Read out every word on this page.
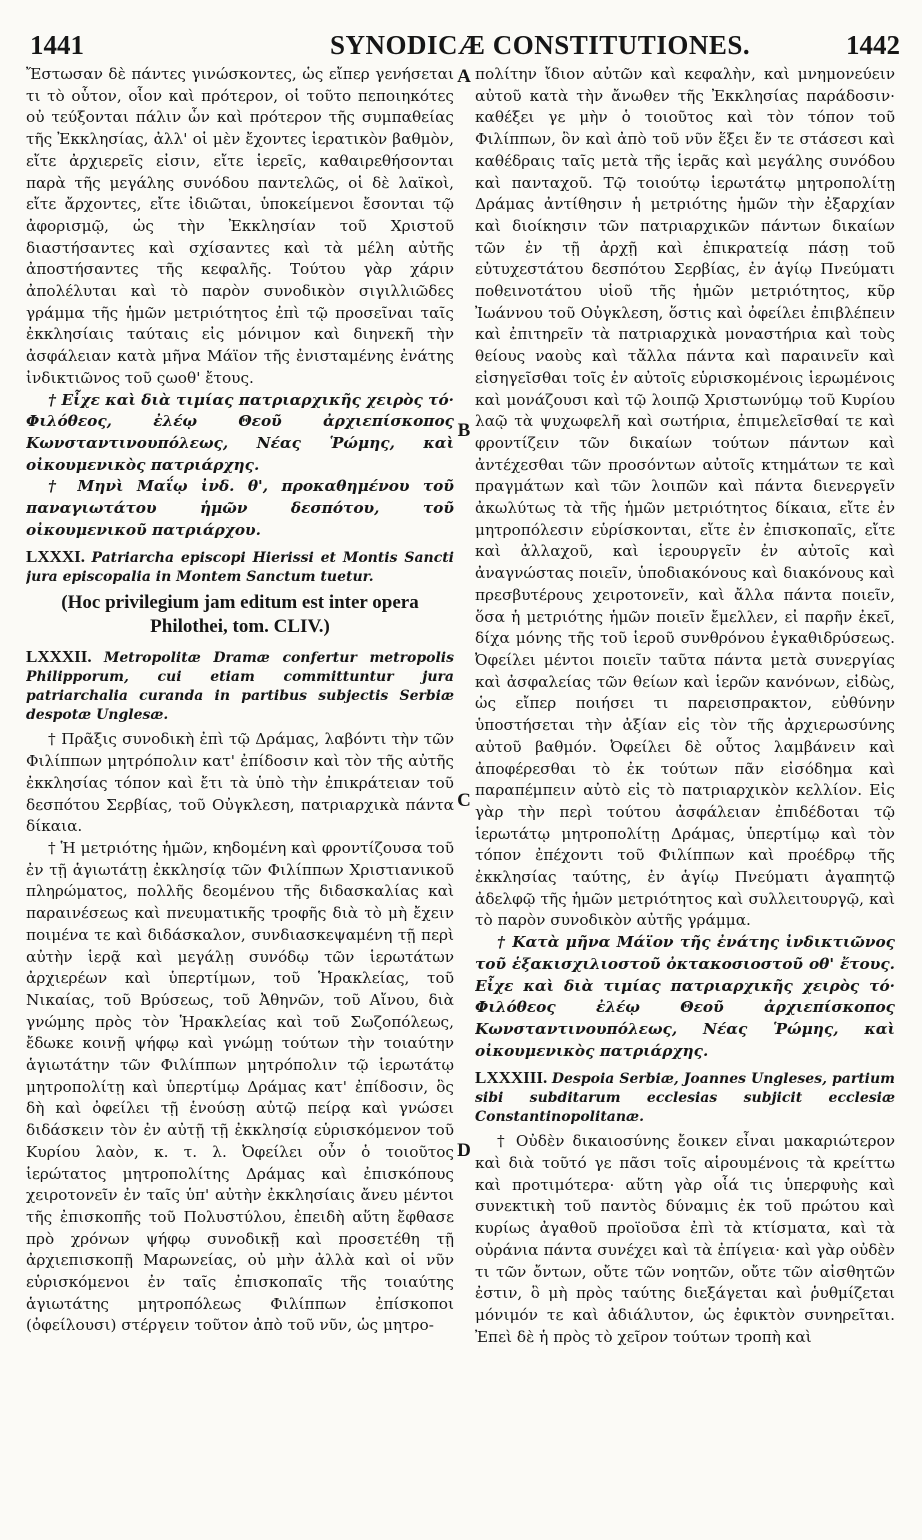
1441	SYNODICÆ CONSTITUTIONES.	1442
A
B
C
D

Ἔστωσαν δὲ πάντες γινώσκοντες, ὡς εἴπερ γενήσεται τι τὸ οὗτον, οἷον καὶ πρότερον, οἱ τοῦτο πεποιηκότες οὐ τεύξονται πάλιν ὧν καὶ πρότερον τῆς συμπαθείας τῆς Ἐκκλησίας, ἀλλ' οἱ μὲν ἔχοντες ἱερατικὸν βαθμὸν, εἴτε ἀρχιερεῖς εἰσιν, εἴτε ἱερεῖς, καθαιρεθήσονται παρὰ τῆς μεγάλης συνόδου παντελῶς, οἱ δὲ λαϊκοὶ, εἴτε ἄρχοντες, εἴτε ἰδιῶται, ὑποκείμενοι ἔσονται τῷ ἀφορισμῷ, ὡς τὴν Ἐκκλησίαν τοῦ Χριστοῦ διαστήσαντες καὶ σχίσαντες καὶ τὰ μέλη αὐτῆς ἀποστήσαντες τῆς κεφαλῆς. Τούτου γὰρ χάριν ἀπολέλυται καὶ τὸ παρὸν συνοδικὸν σιγιλλιῶδες γράμμα τῆς ἡμῶν μετριότητος ἐπὶ τῷ προσεῖναι ταῖς ἐκκλησίαις ταύταις εἰς μόνιμον καὶ διηνεκῆ τὴν ἀσφάλειαν κατὰ μῆνα Μάϊον τῆς ἐνισταμένης ἐνάτης ἰνδικτιῶνος τοῦ ςωοθ' ἔτους.

† Εἶχε καὶ διὰ τιμίας πατριαρχικῆς χειρὸς τό· Φιλόθεος, ἐλέῳ Θεοῦ ἀρχιεπίσκοπος Κωνσταντινουπόλεως, Νέας Ῥώμης, καὶ οἰκουμενικὸς πατριάρχης.

† Μηνὶ Μαΐῳ ἰνδ. θ', προκαθημένου τοῦ παναγιωτάτου ἡμῶν δεσπότου, τοῦ οἰκουμενικοῦ πατριάρχου.

LXXXI. Patriarcha episcopi Hierissi et Montis Sancti jura episcopalia in Montem Sanctum tuetur.

(Hoc privilegium jam editum est inter opera Philothei, tom. CLIV.)

LXXXII. Metropolitæ Dramæ confertur metropolis Philipporum, cui etiam committuntur jura patriarchalia curanda in partibus subjectis Serbiæ despotæ Unglesæ.

† Πρᾶξις συνοδικὴ ἐπὶ τῷ Δράμας, λαβόντι τὴν τῶν Φιλίππων μητρόπολιν κατ' ἐπίδοσιν καὶ τὸν τῆς αὐτῆς ἐκκλησίας τόπον καὶ ἔτι τὰ ὑπὸ τὴν ἐπικράτειαν τοῦ δεσπότου Σερβίας, τοῦ Οὐγκλεση, πατριαρχικὰ πάντα δίκαια.

† Ἡ μετριότης ἡμῶν, κηδομένη καὶ φροντίζουσα τοῦ ἐν τῇ ἁγιωτάτῃ ἐκκλησίᾳ τῶν Φιλίππων Χριστιανικοῦ πληρώματος, πολλῆς δεομένου τῆς διδασκαλίας καὶ παραινέσεως καὶ πνευματικῆς τροφῆς διὰ τὸ μὴ ἔχειν ποιμένα τε καὶ διδάσκαλον, συνδιασκεψαμένη τῇ περὶ αὐτὴν ἱερᾷ καὶ μεγάλῃ συνόδῳ τῶν ἱερωτάτων ἀρχιερέων καὶ ὑπερτίμων, τοῦ Ἡρακλείας, τοῦ Νικαίας, τοῦ Βρύσεως, τοῦ Ἀθηνῶν, τοῦ Αἴνου, διὰ γνώμης πρὸς τὸν Ἡρακλείας καὶ τοῦ Σωζοπόλεως, ἔδωκε κοινῇ ψήφῳ καὶ γνώμῃ τούτων τὴν τοιαύτην ἁγιωτάτην τῶν Φιλίππων μητρόπολιν τῷ ἱερωτάτῳ μητροπολίτῃ καὶ ὑπερτίμῳ Δράμας κατ' ἐπίδοσιν, ὃς δὴ καὶ ὀφείλει τῇ ἑνούσῃ αὐτῷ πείρᾳ καὶ γνώσει διδάσκειν τὸν ἐν αὐτῇ τῇ ἐκκλησίᾳ εὑρισκόμενον τοῦ Κυρίου λαὸν, κ. τ. λ. Ὀφείλει οὖν ὁ τοιοῦτος ἱερώτατος μητροπολίτης Δράμας καὶ ἐπισκόπους χειροτονεῖν ἐν ταῖς ὑπ' αὐτὴν ἐκκλησίαις ἄνευ μέντοι τῆς ἐπισκοπῆς τοῦ Πολυστύλου, ἐπειδὴ αὕτη ἔφθασε πρὸ χρόνων ψήφῳ συνοδικῇ καὶ προσετέθη τῇ ἀρχιεπισκοπῇ Μαρωνείας, οὐ μὴν ἀλλὰ καὶ οἱ νῦν εὑρισκόμενοι ἐν ταῖς ἐπισκοπαῖς τῆς τοιαύτης ἁγιωτάτης μητροπόλεως Φιλίππων ἐπίσκοποι (ὀφείλουσι) στέργειν τοῦτον ἀπὸ τοῦ νῦν, ὡς μητρο-

πολίτην ἴδιον αὐτῶν καὶ κεφαλὴν, καὶ μνημονεύειν αὐτοῦ κατὰ τὴν ἄνωθεν τῆς Ἐκκλησίας παράδοσιν· καθέξει γε μὴν ὁ τοιοῦτος καὶ τὸν τόπον τοῦ Φιλίππων, ὃν καὶ ἀπὸ τοῦ νῦν ἕξει ἔν τε στάσεσι καὶ καθέδραις ταῖς μετὰ τῆς ἱερᾶς καὶ μεγάλης συνόδου καὶ πανταχοῦ. Τῷ τοιούτῳ ἱερωτάτῳ μητροπολίτῃ Δράμας ἀντίθησιν ἡ μετριότης ἡμῶν τὴν ἐξαρχίαν καὶ διοίκησιν τῶν πατριαρχικῶν πάντων δικαίων τῶν ἐν τῇ ἀρχῇ καὶ ἐπικρατείᾳ πάσῃ τοῦ εὐτυχεστάτου δεσπότου Σερβίας, ἐν ἁγίῳ Πνεύματι ποθεινοτάτου υἱοῦ τῆς ἡμῶν μετριότητος, κῦρ Ἰωάννου τοῦ Οὐγκλεση, ὅστις καὶ ὀφείλει ἐπιβλέπειν καὶ ἐπιτηρεῖν τὰ πατριαρχικὰ μοναστήρια καὶ τοὺς θείους ναοὺς καὶ τἄλλα πάντα καὶ παραινεῖν καὶ εἰσηγεῖσθαι τοῖς ἐν αὐτοῖς εὑρισκομένοις ἱερωμένοις καὶ μονάζουσι καὶ τῷ λοιπῷ Χριστωνύμῳ τοῦ Κυρίου λαῷ τὰ ψυχωφελῆ καὶ σωτήρια, ἐπιμελεῖσθαί τε καὶ φροντίζειν τῶν δικαίων τούτων πάντων καὶ ἀντέχεσθαι τῶν προσόντων αὐτοῖς κτημάτων τε καὶ πραγμάτων καὶ τῶν λοιπῶν καὶ πάντα διενεργεῖν ἀκωλύτως τὰ τῆς ἡμῶν μετριότητος δίκαια, εἴτε ἐν μητροπόλεσιν εὑρίσκονται, εἴτε ἐν ἐπισκοπαῖς, εἴτε καὶ ἀλλαχοῦ, καὶ ἱερουργεῖν ἐν αὐτοῖς καὶ ἀναγνώστας ποιεῖν, ὑποδιακόνους καὶ διακόνους καὶ πρεσβυτέρους χειροτονεῖν, καὶ ἄλλα πάντα ποιεῖν, ὅσα ἡ μετριότης ἡμῶν ποιεῖν ἔμελλεν, εἰ παρῆν ἐκεῖ, δίχα μόνης τῆς τοῦ ἱεροῦ συνθρόνου ἐγκαθιδρύσεως. Ὀφείλει μέντοι ποιεῖν ταῦτα πάντα μετὰ συνεργίας καὶ ἀσφαλείας τῶν θείων καὶ ἱερῶν κανόνων, εἰδὼς, ὡς εἴπερ ποιήσει τι παρεισπρακτον, εὐθύνην ὑποστήσεται τὴν ἀξίαν εἰς τὸν τῆς ἀρχιερωσύνης αὐτοῦ βαθμόν. Ὀφείλει δὲ οὗτος λαμβάνειν καὶ ἀποφέρεσθαι τὸ ἐκ τούτων πᾶν εἰσόδημα καὶ παραπέμπειν αὐτὸ εἰς τὸ πατριαρχικὸν κελλίον. Εἰς γὰρ τὴν περὶ τούτου ἀσφάλειαν ἐπιδέδοται τῷ ἱερωτάτῳ μητροπολίτῃ Δράμας, ὑπερτίμῳ καὶ τὸν τόπον ἐπέχοντι τοῦ Φιλίππων καὶ προέδρῳ τῆς ἐκκλησίας ταύτης, ἐν ἁγίῳ Πνεύματι ἀγαπητῷ ἀδελφῷ τῆς ἡμῶν μετριότητος καὶ συλλειτουργῷ, καὶ τὸ παρὸν συνοδικὸν αὐτῆς γράμμα.

† Κατὰ μῆνα Μάϊον τῆς ἐνάτης ἰνδικτιῶνος τοῦ ἑξακισχιλιοστοῦ ὀκτακοσιοστοῦ οθ' ἔτους. Εἶχε καὶ διὰ τιμίας πατριαρχικῆς χειρὸς τό· Φιλόθεος ἐλέῳ Θεοῦ ἀρχιεπίσκοπος Κωνσταντινουπόλεως, Νέας Ῥώμης, καὶ οἰκουμενικὸς πατριάρχης.

LXXXIII. Despoia Serbiæ, Joannes Ungleses, partium sibi subditarum ecclesias subjicit ecclesiæ Constantinopolitanæ.

† Οὐδὲν δικαιοσύνης ἔοικεν εἶναι μακαριώτερον καὶ διὰ τοῦτό γε πᾶσι τοῖς αἱρουμένοις τὰ κρείττω καὶ προτιμότερα· αὕτη γὰρ οἷά τις ὑπερφυὴς καὶ συνεκτικὴ τοῦ παντὸς δύναμις ἐκ τοῦ πρώτου καὶ κυρίως ἀγαθοῦ προϊοῦσα ἐπὶ τὰ κτίσματα, καὶ τὰ οὐράνια πάντα συνέχει καὶ τὰ ἐπίγεια· καὶ γὰρ οὐδὲν τι τῶν ὄντων, οὔτε τῶν νοητῶν, οὔτε τῶν αἰσθητῶν ἐστιν, ὃ μὴ πρὸς ταύτης διεξάγεται καὶ ῥυθμίζεται μόνιμόν τε καὶ ἀδιάλυτον, ὡς ἐφικτὸν συνηρεῖται. Ἐπεὶ δὲ ἡ πρὸς τὸ χεῖρον τούτων τροπὴ καὶ
